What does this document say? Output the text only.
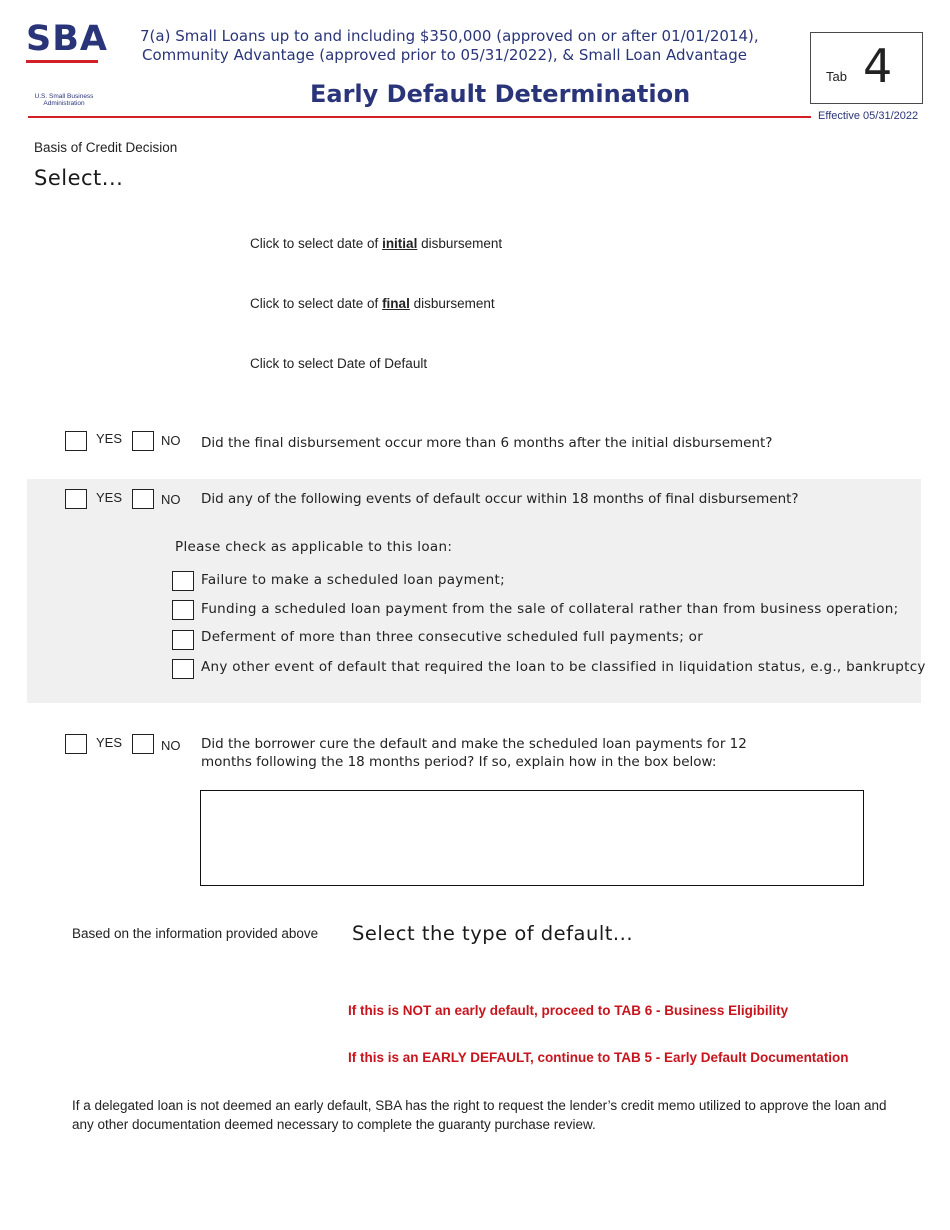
SBA
U.S. Small Business Administration
7(a) Small Loans up to and including $350,000 (approved on or after 01/01/2014),
Community Advantage (approved prior to 05/31/2022), & Small Loan Advantage
Early Default Determination
Tab 4
Effective 05/31/2022
Basis of Credit Decision
Select...
Click to select date of initial disbursement
Click to select date of final disbursement
Click to select Date of Default
YES	NO Did the final disbursement occur more than 6 months after the initial disbursement?
YES	NO Did any of the following events of default occur within 18 months of final disbursement?
Please check as applicable to this loan:
Failure to make a scheduled loan payment;
Funding a scheduled loan payment from the sale of collateral rather than from business operation;
Deferment of more than three consecutive scheduled full payments; or
Any other event of default that required the loan to be classified in liquidation status, e.g., bankruptcy
YES	NO Did the borrower cure the default and make the scheduled loan payments for 12
months following the 18 months period? If so, explain how in the box below:
Based on the information provided above Select the type of default...
If this is NOT an early default, proceed to TAB 6 - Business Eligibility
If this is an EARLY DEFAULT, continue to TAB 5 - Early Default Documentation
If a delegated loan is not deemed an early default, SBA has the right to request the lender’s credit memo utilized to approve the loan and any other documentation deemed necessary to complete the guaranty purchase review.
